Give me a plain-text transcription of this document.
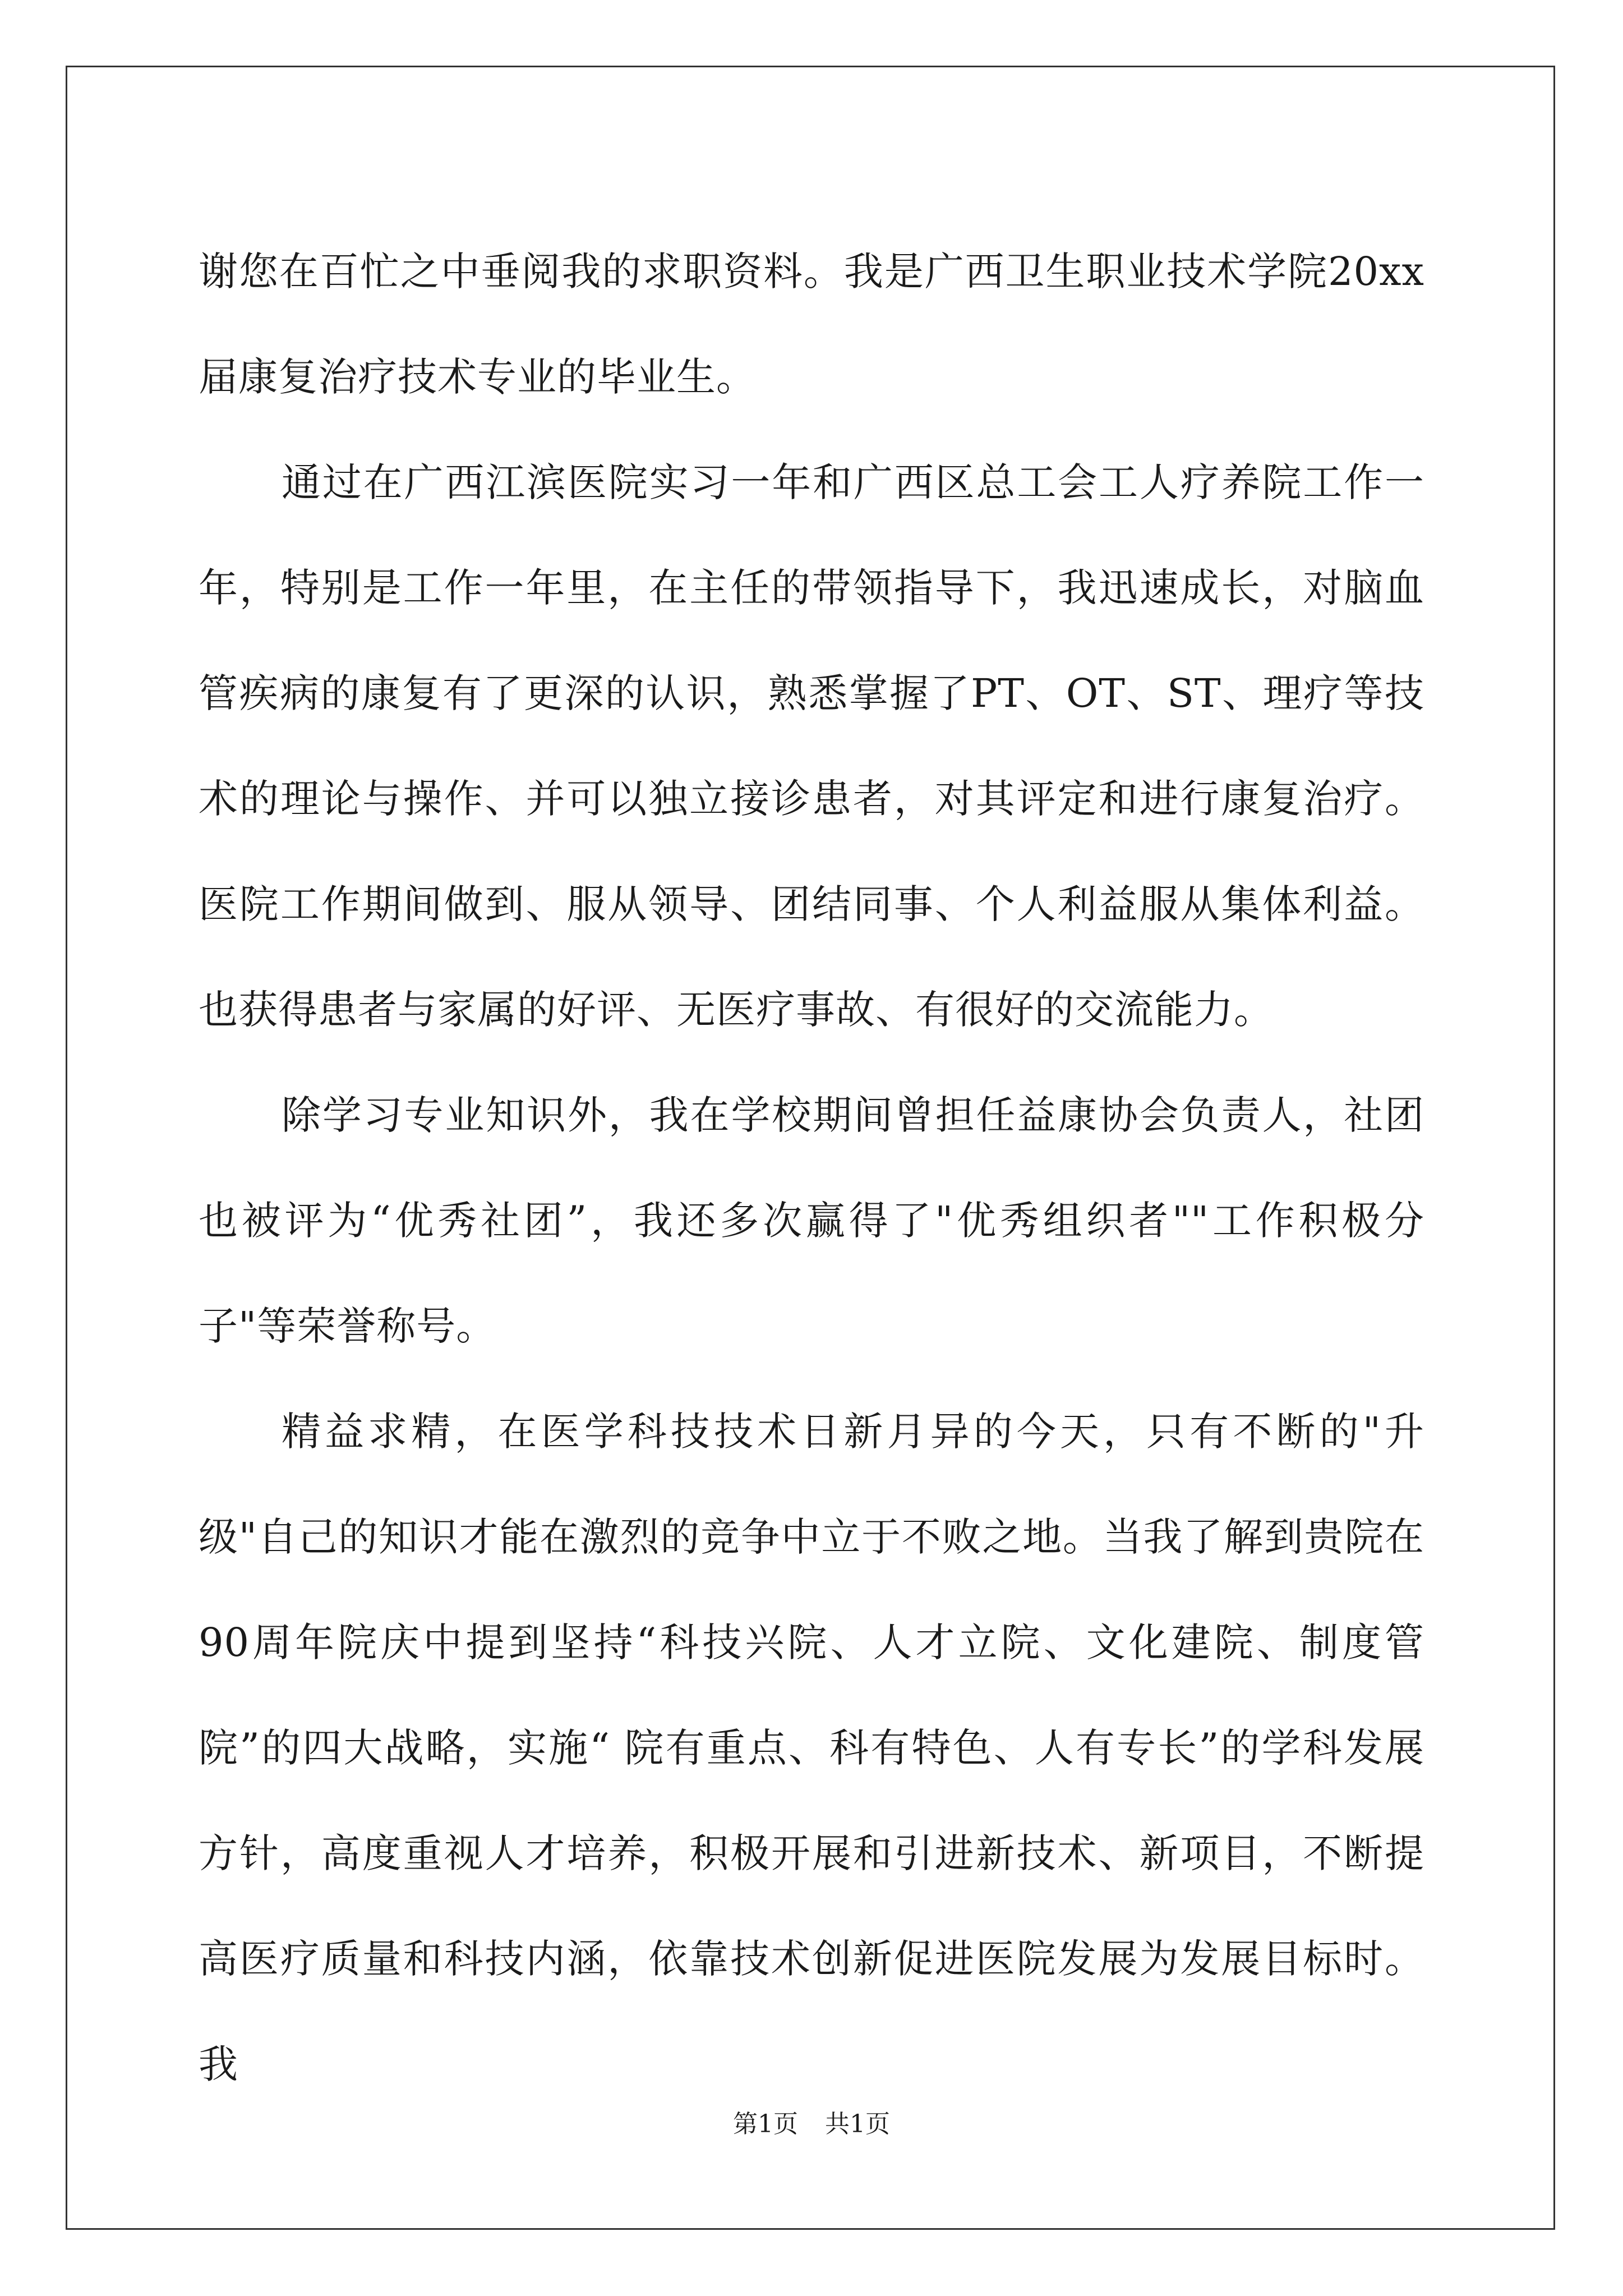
谢您在百忙之中垂阅我的求职资料。我是广西卫生职业技术学院20xx届康复治疗技术专业的毕业生。

通过在广西江滨医院实习一年和广西区总工会工人疗养院工作一年，特别是工作一年里，在主任的带领指导下，我迅速成长，对脑血管疾病的康复有了更深的认识，熟悉掌握了PT、OT、ST、理疗等技术的理论与操作、并可以独立接诊患者，对其评定和进行康复治疗。医院工作期间做到、服从领导、团结同事、个人利益服从集体利益。也获得患者与家属的好评、无医疗事故、有很好的交流能力。

除学习专业知识外，我在学校期间曾担任益康协会负责人，社团也被评为“优秀社团”，我还多次赢得了"优秀组织者""工作积极分子"等荣誉称号。

精益求精，在医学科技技术日新月异的今天，只有不断的"升级"自己的知识才能在激烈的竞争中立于不败之地。当我了解到贵院在90周年院庆中提到坚持“科技兴院、人才立院、文化建院、制度管院”的四大战略，实施“ 院有重点、科有特色、人有专长”的学科发展方针，高度重视人才培养，积极开展和引进新技术、新项目，不断提高医疗质量和科技内涵，依靠技术创新促进医院发展为发展目标时。我

第1页 共1页
